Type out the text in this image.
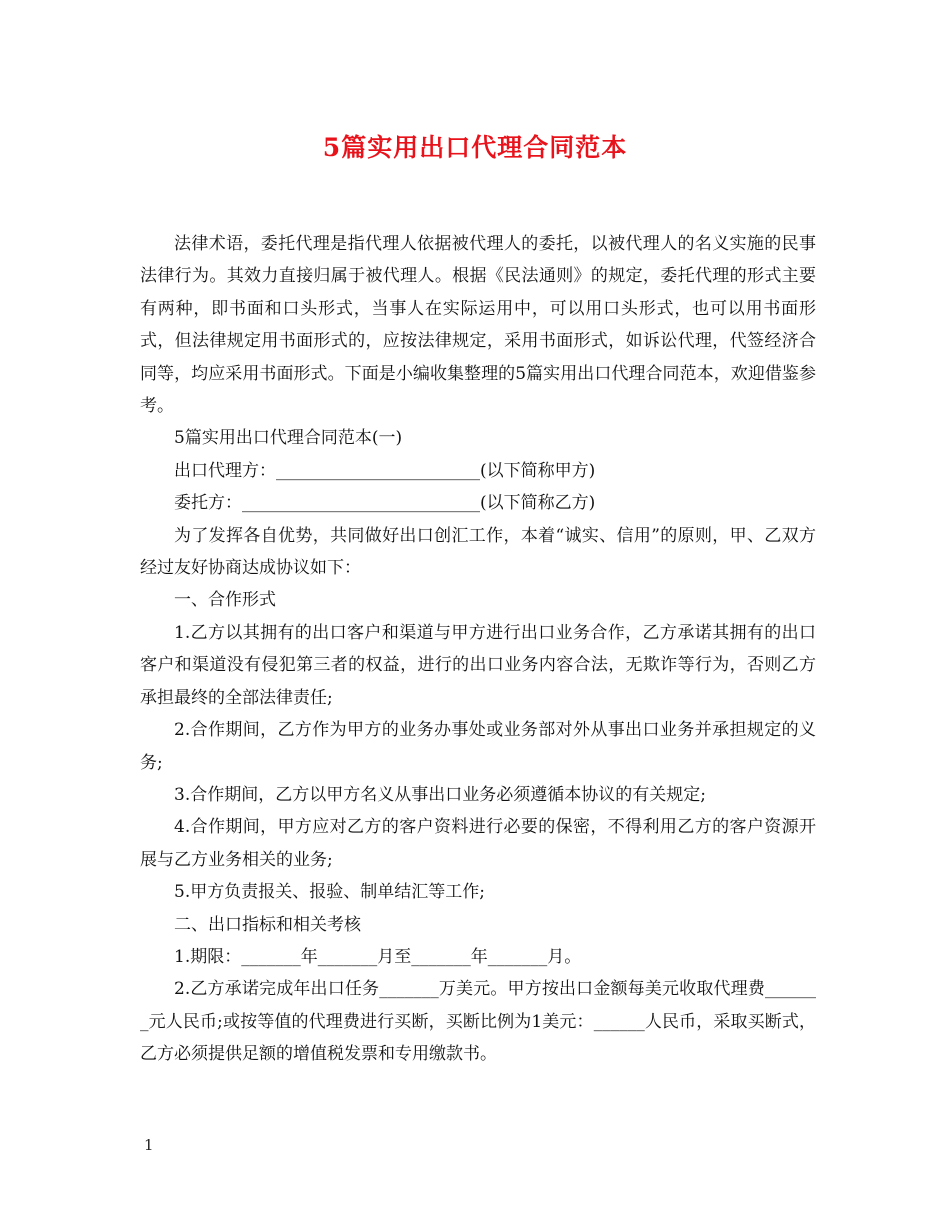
5篇实用出口代理合同范本

法律术语，委托代理是指代理人依据被代理人的委托，以被代理人的名义实施的民事法律行为。其效力直接归属于被代理人。根据《民法通则》的规定，委托代理的形式主要有两种，即书面和口头形式，当事人在实际运用中，可以用口头形式，也可以用书面形式，但法律规定用书面形式的，应按法律规定，采用书面形式，如诉讼代理，代签经济合同等，均应采用书面形式。下面是小编收集整理的5篇实用出口代理合同范本，欢迎借鉴参考。

5篇实用出口代理合同范本(一)

出口代理方：________________________(以下简称甲方)

委托方：____________________________(以下简称乙方)

为了发挥各自优势，共同做好出口创汇工作，本着“诚实、信用”的原则，甲、乙双方经过友好协商达成协议如下：

一、合作形式

1.乙方以其拥有的出口客户和渠道与甲方进行出口业务合作，乙方承诺其拥有的出口客户和渠道没有侵犯第三者的权益，进行的出口业务内容合法，无欺诈等行为，否则乙方承担最终的全部法律责任;

2.合作期间，乙方作为甲方的业务办事处或业务部对外从事出口业务并承担规定的义务;

3.合作期间，乙方以甲方名义从事出口业务必须遵循本协议的有关规定;

4.合作期间，甲方应对乙方的客户资料进行必要的保密，不得利用乙方的客户资源开展与乙方业务相关的业务;

5.甲方负责报关、报验、制单结汇等工作;

二、出口指标和相关考核

1.期限：_______年_______月至_______年_______月。

2.乙方承诺完成年出口任务_______万美元。甲方按出口金额每美元收取代理费_______元人民币;或按等值的代理费进行买断，买断比例为1美元：______人民币，采取买断式，乙方必须提供足额的增值税发票和专用缴款书。

1
